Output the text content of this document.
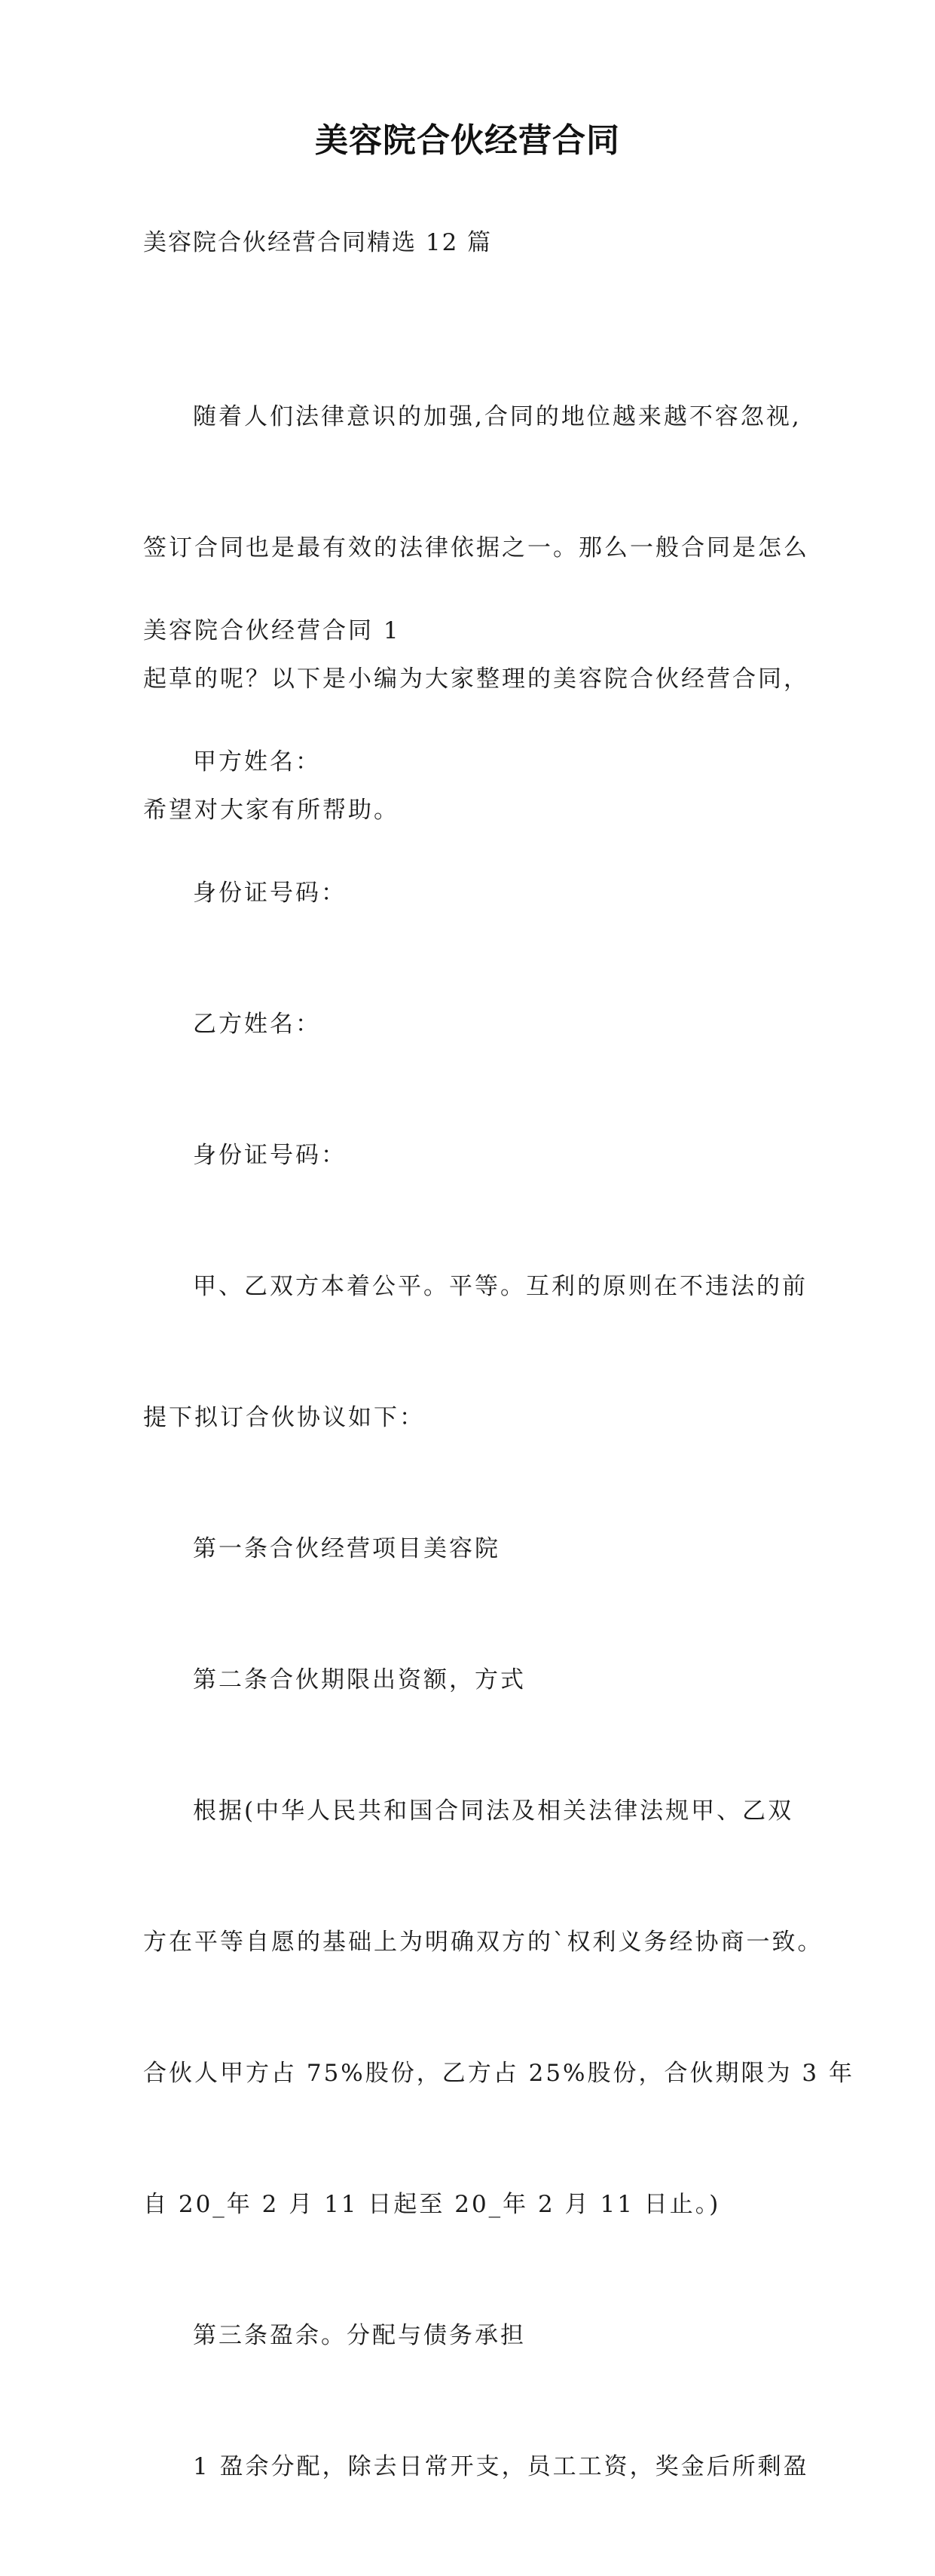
美容院合伙经营合同
美容院合伙经营合同精选 12 篇

随着人们法律意识的加强,合同的地位越来越不容忽视,

签订合同也是最有效的法律依据之一。那么一般合同是怎么

起草的呢？以下是小编为大家整理的美容院合伙经营合同，

希望对大家有所帮助。

美容院合伙经营合同 1

甲方姓名：

身份证号码：

乙方姓名：

身份证号码：

甲、乙双方本着公平。平等。互利的原则在不违法的前

提下拟订合伙协议如下：

第一条合伙经营项目美容院

第二条合伙期限出资额，方式

根据(中华人民共和国合同法及相关法律法规甲、乙双

方在平等自愿的基础上为明确双方的`权利义务经协商一致。

合伙人甲方占 75%股份，乙方占 25%股份，合伙期限为 3 年

自 20_年 2 月 11 日起至 20_年 2 月 11 日止。)

第三条盈余。分配与债务承担

1 盈余分配，除去日常开支，员工工资，奖金后所剩盈
